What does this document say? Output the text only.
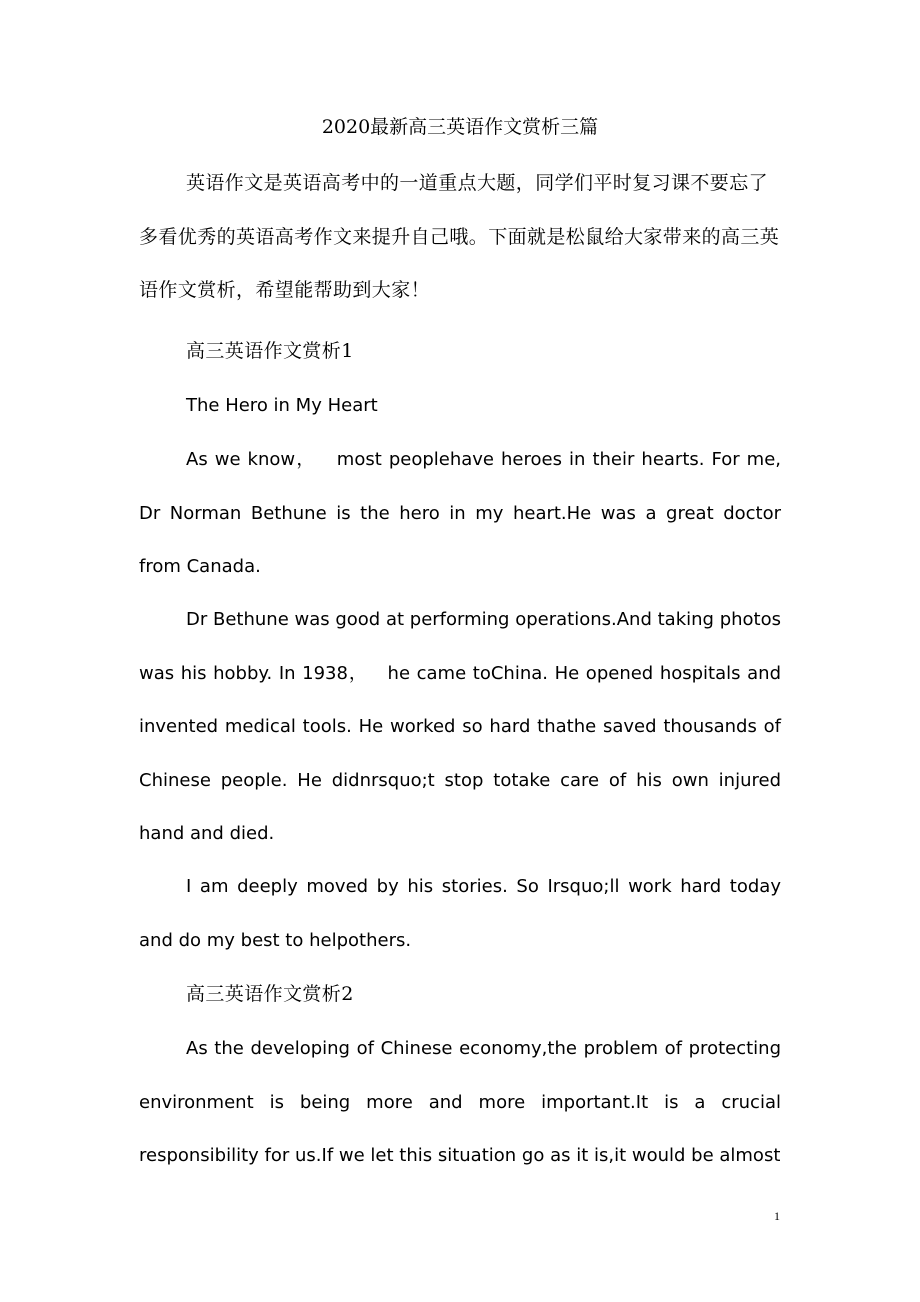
2020最新高三英语作文赏析三篇

英语作文是英语高考中的一道重点大题，同学们平时复习课不要忘了多看优秀的英语高考作文来提升自己哦。下面就是松鼠给大家带来的高三英语作文赏析，希望能帮助到大家！

高三英语作文赏析1

The Hero in My Heart

As we know，   most peoplehave heroes in their hearts. For me, Dr Norman Bethune is the hero in my heart.He was a great doctor from Canada.

Dr Bethune was good at performing operations.And taking photos was his hobby. In 1938，   he came toChina. He opened hospitals and invented medical tools. He worked so hard thathe saved thousands of Chinese people. He didnrsquo;t stop totake care of his own injured hand and died.

I am deeply moved by his stories. So Irsquo;ll work hard today and do my best to helpothers.

高三英语作文赏析2

As the developing of Chinese economy,the problem of protecting environment is being more and more important.It is a crucial responsibility for us.If we let this situation go as it is,it would be almost

1
